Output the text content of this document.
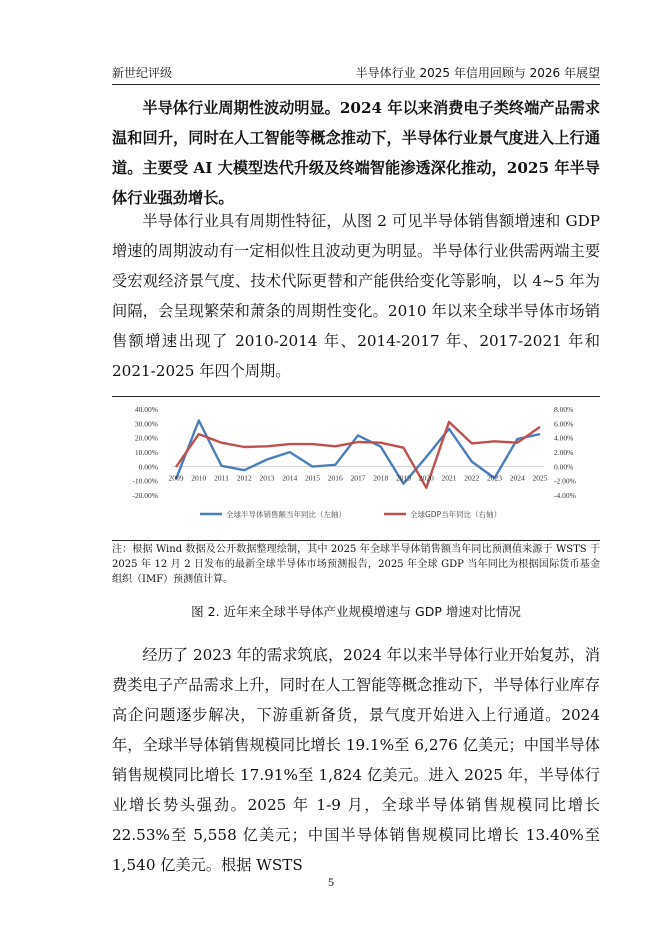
新世纪评级	半导体行业 2025 年信用回顾与 2026 年展望

半导体行业周期性波动明显。2024 年以来消费电子类终端产品需求温和回升，同时在人工智能等概念推动下，半导体行业景气度进入上行通道。主要受 AI 大模型迭代升级及终端智能渗透深化推动，2025 年半导体行业强劲增长。

半导体行业具有周期性特征，从图 2 可见半导体销售额增速和 GDP 增速的周期波动有一定相似性且波动更为明显。半导体行业供需两端主要受宏观经济景气度、技术代际更替和产能供给变化等影响，以 4~5 年为间隔，会呈现繁荣和萧条的周期性变化。2010 年以来全球半导体市场销售额增速出现了 2010-2014 年、2014-2017 年、2017-2021 年和 2021-2025 年四个周期。

40.00%
30.00%
20.00%
10.00%
0.00%
-10.00%
-20.00%
8.00%
6.00%
4.00%
2.00%
0.00%
-2.00%
-4.00%
2009 2010 2011 2012 2013 2014 2015 2016 2017 2018 2019 2020 2021 2022 2023 2024 2025
全球半导体销售额当年同比（左轴）	全球GDP当年同比（右轴）

注：根据 Wind 数据及公开数据整理绘制，其中 2025 年全球半导体销售额当年同比预测值来源于 WSTS 于 2025 年 12 月 2 日发布的最新全球半导体市场预测报告，2025 年全球 GDP 当年同比为根据国际货币基金组织（IMF）预测值计算。

图 2. 近年来全球半导体产业规模增速与 GDP 增速对比情况

经历了 2023 年的需求筑底，2024 年以来半导体行业开始复苏，消费类电子产品需求上升，同时在人工智能等概念推动下，半导体行业库存高企问题逐步解决，下游重新备货，景气度开始进入上行通道。2024 年，全球半导体销售规模同比增长 19.1%至 6,276 亿美元；中国半导体销售规模同比增长 17.91%至 1,824 亿美元。进入 2025 年，半导体行业增长势头强劲。2025 年 1-9 月，全球半导体销售规模同比增长 22.53%至 5,558 亿美元；中国半导体销售规模同比增长 13.40%至 1,540 亿美元。根据 WSTS

5
